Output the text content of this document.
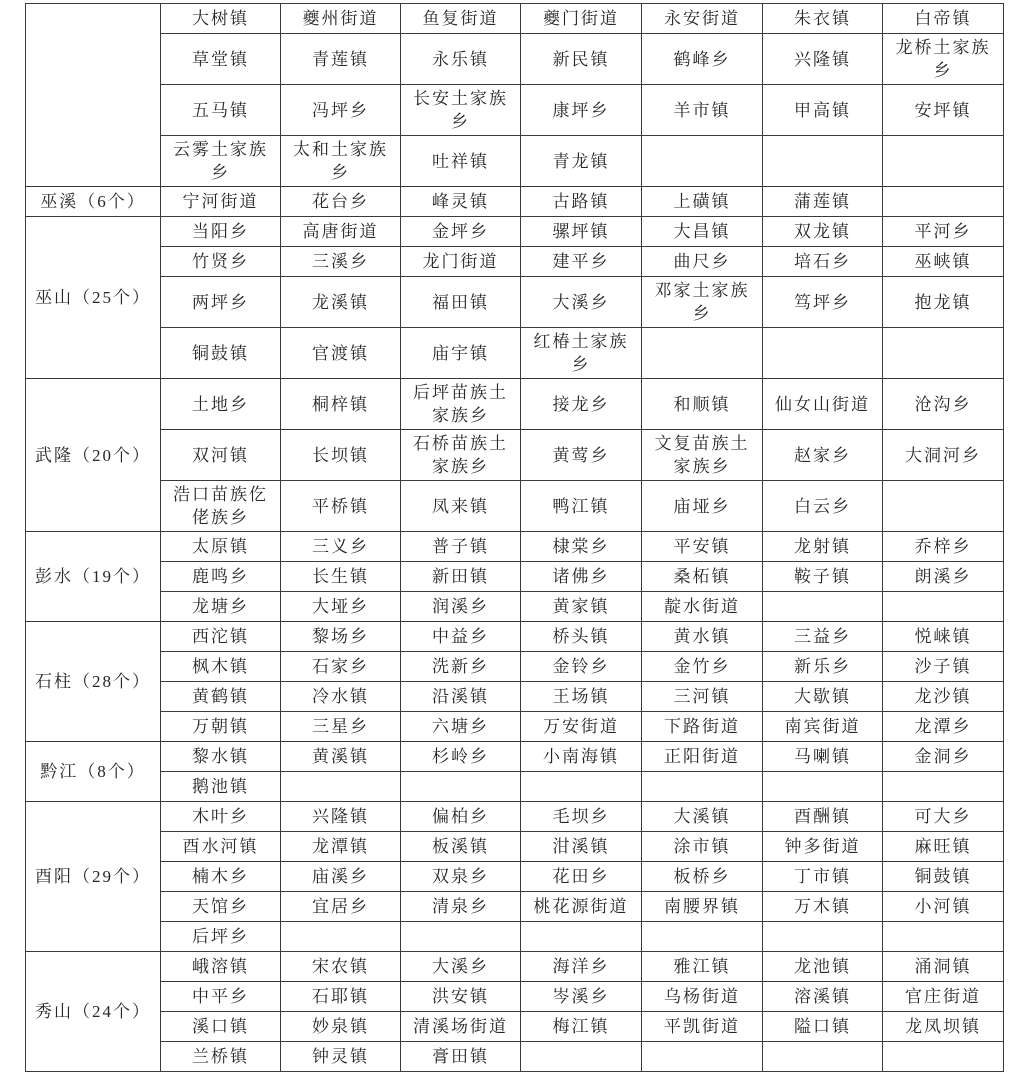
	大树镇	夔州街道	鱼复街道	夔门街道	永安街道	朱衣镇	白帝镇
	草堂镇	青莲镇	永乐镇	新民镇	鹤峰乡	兴隆镇	龙桥土家族乡
	五马镇	冯坪乡	长安土家族乡	康坪乡	羊市镇	甲高镇	安坪镇
	云雾土家族乡	太和土家族乡	吐祥镇	青龙镇			
巫溪（6个）	宁河街道	花台乡	峰灵镇	古路镇	上磺镇	蒲莲镇	
巫山（25个）	当阳乡	高唐街道	金坪乡	骡坪镇	大昌镇	双龙镇	平河乡
	竹贤乡	三溪乡	龙门街道	建平乡	曲尺乡	培石乡	巫峡镇
	两坪乡	龙溪镇	福田镇	大溪乡	邓家土家族乡	笃坪乡	抱龙镇
	铜鼓镇	官渡镇	庙宇镇	红椿土家族乡			
武隆（20个）	土地乡	桐梓镇	后坪苗族土家族乡	接龙乡	和顺镇	仙女山街道	沧沟乡
	双河镇	长坝镇	石桥苗族土家族乡	黄莺乡	文复苗族土家族乡	赵家乡	大洞河乡
	浩口苗族仡佬族乡	平桥镇	凤来镇	鸭江镇	庙垭乡	白云乡	
彭水（19个）	太原镇	三义乡	普子镇	棣棠乡	平安镇	龙射镇	乔梓乡
	鹿鸣乡	长生镇	新田镇	诸佛乡	桑柘镇	鞍子镇	朗溪乡
	龙塘乡	大垭乡	润溪乡	黄家镇	靛水街道		
石柱（28个）	西沱镇	黎场乡	中益乡	桥头镇	黄水镇	三益乡	悦崃镇
	枫木镇	石家乡	洗新乡	金铃乡	金竹乡	新乐乡	沙子镇
	黄鹤镇	冷水镇	沿溪镇	王场镇	三河镇	大歇镇	龙沙镇
	万朝镇	三星乡	六塘乡	万安街道	下路街道	南宾街道	龙潭乡
黔江（8个）	黎水镇	黄溪镇	杉岭乡	小南海镇	正阳街道	马喇镇	金洞乡
	鹅池镇						
酉阳（29个）	木叶乡	兴隆镇	偏柏乡	毛坝乡	大溪镇	酉酬镇	可大乡
	酉水河镇	龙潭镇	板溪镇	泔溪镇	涂市镇	钟多街道	麻旺镇
	楠木乡	庙溪乡	双泉乡	花田乡	板桥乡	丁市镇	铜鼓镇
	天馆乡	宜居乡	清泉乡	桃花源街道	南腰界镇	万木镇	小河镇
	后坪乡						
秀山（24个）	峨溶镇	宋农镇	大溪乡	海洋乡	雅江镇	龙池镇	涌洞镇
	中平乡	石耶镇	洪安镇	岑溪乡	乌杨街道	溶溪镇	官庄街道
	溪口镇	妙泉镇	清溪场街道	梅江镇	平凯街道	隘口镇	龙凤坝镇
	兰桥镇	钟灵镇	膏田镇				
